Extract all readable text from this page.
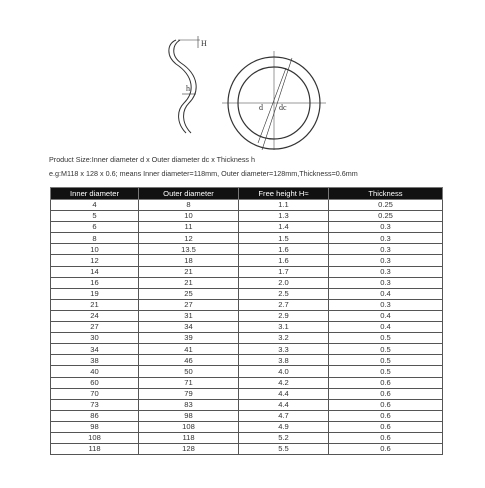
H
h
d dc
Product Size:Inner diameter d x Outer diameter dc x Thickness h
e.g:M118 x 128 x 0.6; means Inner diameter=118mm, Outer diameter=128mm,Thickness=0.6mm
Inner diameter	Outer diameter	Free height H≈	Thickness
4	8	1.1	0.25
5	10	1.3	0.25
6	11	1.4	0.3
8	12	1.5	0.3
10	13.5	1.6	0.3
12	18	1.6	0.3
14	21	1.7	0.3
16	21	2.0	0.3
19	25	2.5	0.4
21	27	2.7	0.3
24	31	2.9	0.4
27	34	3.1	0.4
30	39	3.2	0.5
34	41	3.3	0.5
38	46	3.8	0.5
40	50	4.0	0.5
60	71	4.2	0.6
70	79	4.4	0.6
73	83	4.4	0.6
86	98	4.7	0.6
98	108	4.9	0.6
108	118	5.2	0.6
118	128	5.5	0.6
